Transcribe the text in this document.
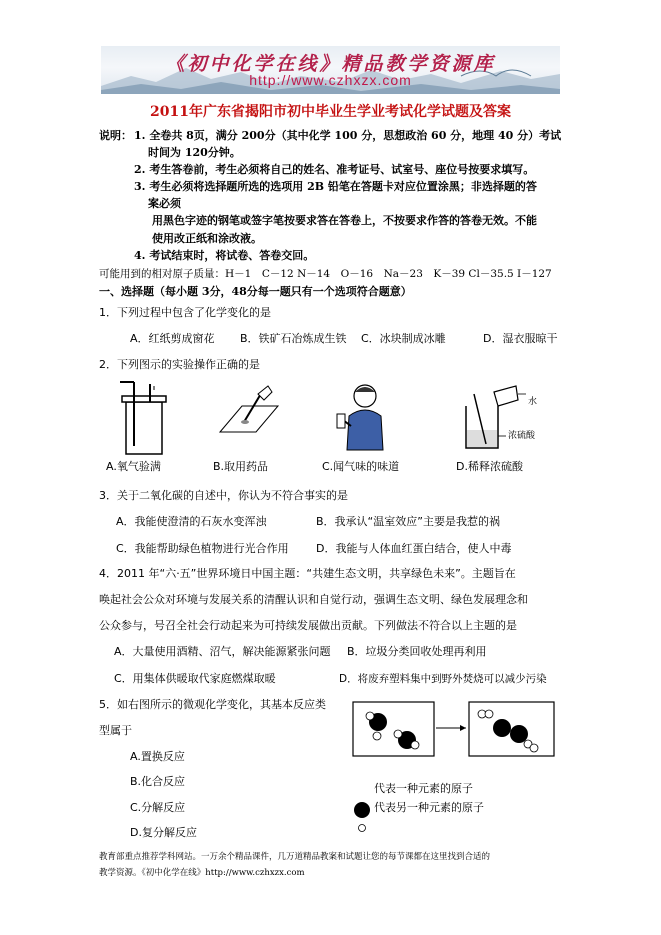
《初中化学在线》精品教学资源库
http://www.czhxzx.com
2011年广东省揭阳市初中毕业生学业考试化学试题及答案
说明： 1. 全卷共 8页，满分 200分（其中化学 100 分，思想政治 60 分，地理 40 分）考试
时间为 120分钟。
2. 考生答卷前，考生必须将自己的姓名、准考证号、试室号、座位号按要求填写。
3. 考生必须将选择题所选的选项用 2B 铅笔在答题卡对应位置涂黑；非选择题的答
案必须
用黑色字迹的钢笔或签字笔按要求答在答卷上，不按要求作答的答卷无效。不能
使用改正纸和涂改液。
4. 考试结束时，将试卷、答卷交回。
可能用到的相对原子质量：H－1　C－12 N－14　O－16　Na－23　K－39 Cl－35.5 I－127
一、选择题（每小题 3分，48分每一题只有一个选项符合题意）
1．下列过程中包含了化学变化的是
A．红纸剪成窗花 B．铁矿石冶炼成生铁 C．冰块制成冰雕	D．湿衣服晾干
2．下列图示的实验操作正确的是
水
浓硫酸
A.氧气验满	B.取用药品	C.闻气味的味道	D.稀释浓硫酸
3．关于二氧化碳的自述中，你认为不符合事实的是
A．我能使澄清的石灰水变浑浊	B．我承认“温室效应”主要是我惹的祸
C．我能帮助绿色植物进行光合作用 D．我能与人体血红蛋白结合，使人中毒
4．2011 年“六·五”世界环境日中国主题：“共建生态文明，共享绿色未来”。主题旨在
唤起社会公众对环境与发展关系的清醒认识和自觉行动，强调生态文明、绿色发展理念和
公众参与，号召全社会行动起来为可持续发展做出贡献。下列做法不符合以上主题的是
A．大量使用酒精、沼气，解决能源紧张问题 B．垃圾分类回收处理再利用
C．用集体供暖取代家庭燃煤取暖	D．将废弃塑料集中到野外焚烧可以减少污染
5．如右图所示的微观化学变化，其基本反应类
型属于
A.置换反应
B.化合反应
C.分解反应
D.复分解反应
代表一种元素的原子
代表另一种元素的原子
教育部重点推荐学科网站。一万余个精品课件，几万道精品教案和试题让您的每节课都在这里找到合适的
教学资源。《初中化学在线》http://www.czhxzx.com
